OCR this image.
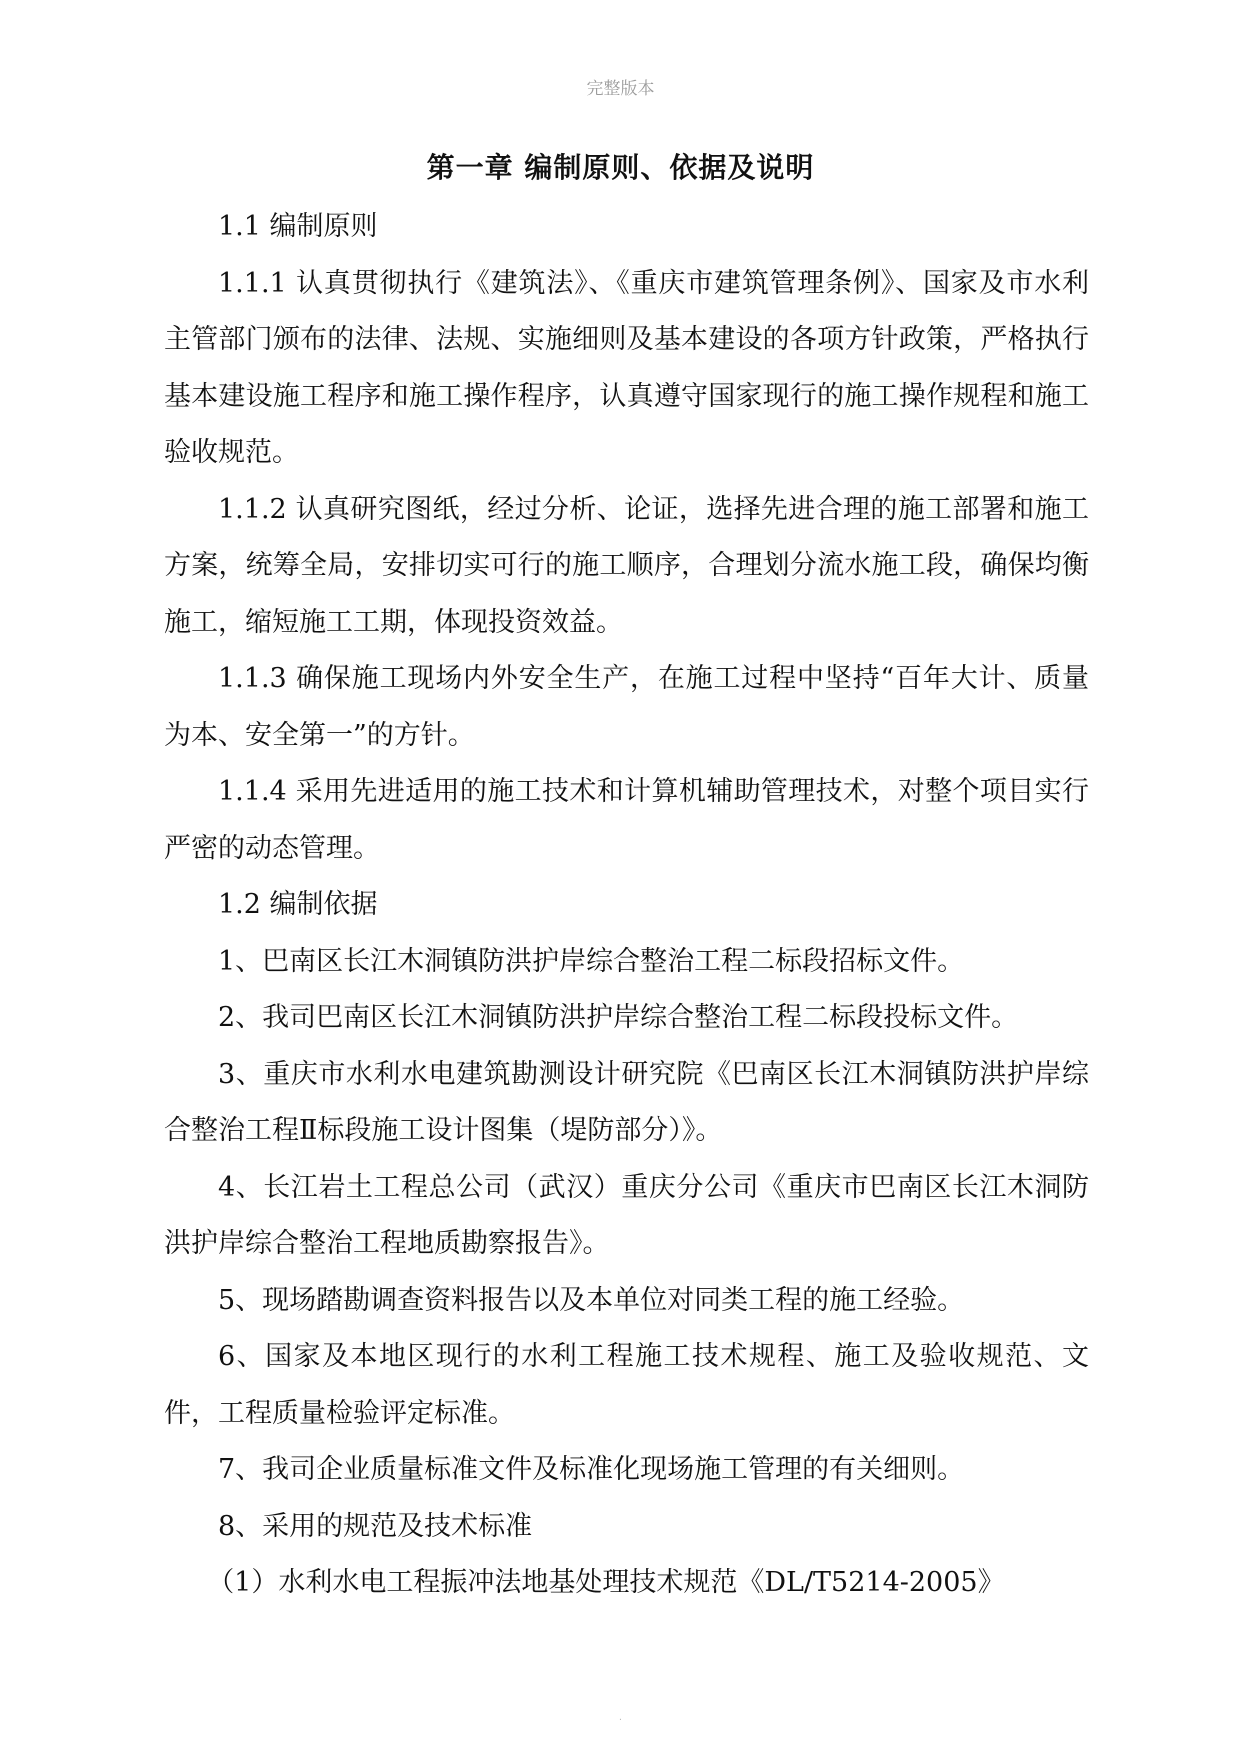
完整版本
第一章 编制原则、依据及说明

1.1 编制原则

1.1.1 认真贯彻执行《建筑法》、《重庆市建筑管理条例》、国家及市水利主管部门颁布的法律、法规、实施细则及基本建设的各项方针政策，严格执行基本建设施工程序和施工操作程序，认真遵守国家现行的施工操作规程和施工验收规范。

1.1.2 认真研究图纸，经过分析、论证，选择先进合理的施工部署和施工方案，统筹全局，安排切实可行的施工顺序，合理划分流水施工段，确保均衡施工，缩短施工工期，体现投资效益。

1.1.3 确保施工现场内外安全生产，在施工过程中坚持“百年大计、质量为本、安全第一”的方针。

1.1.4 采用先进适用的施工技术和计算机辅助管理技术，对整个项目实行严密的动态管理。

1.2 编制依据

1、巴南区长江木洞镇防洪护岸综合整治工程二标段招标文件。

2、我司巴南区长江木洞镇防洪护岸综合整治工程二标段投标文件。

3、重庆市水利水电建筑勘测设计研究院《巴南区长江木洞镇防洪护岸综合整治工程Ⅱ标段施工设计图集（堤防部分）》。

4、长江岩土工程总公司（武汉）重庆分公司《重庆市巴南区长江木洞防洪护岸综合整治工程地质勘察报告》。

5、现场踏勘调查资料报告以及本单位对同类工程的施工经验。

6、国家及本地区现行的水利工程施工技术规程、施工及验收规范、文件，工程质量检验评定标准。

7、我司企业质量标准文件及标准化现场施工管理的有关细则。

8、采用的规范及技术标准

（1）水利水电工程振冲法地基处理技术规范《DL/T5214-2005》

.
